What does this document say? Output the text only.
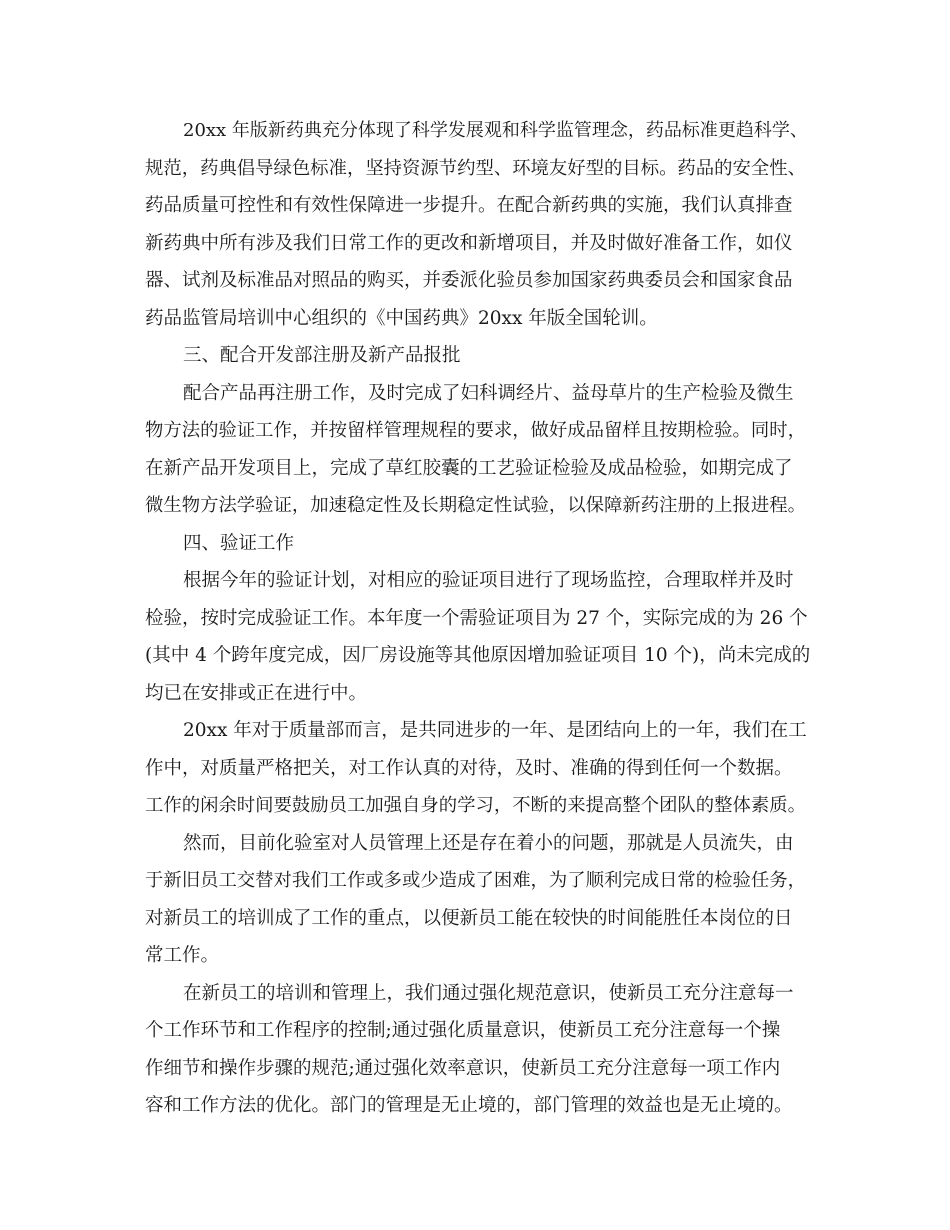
20xx 年版新药典充分体现了科学发展观和科学监管理念，药品标准更趋科学、
规范，药典倡导绿色标准，坚持资源节约型、环境友好型的目标。药品的安全性、
药品质量可控性和有效性保障进一步提升。在配合新药典的实施，我们认真排查
新药典中所有涉及我们日常工作的更改和新增项目，并及时做好准备工作，如仪
器、试剂及标准品对照品的购买，并委派化验员参加国家药典委员会和国家食品
药品监管局培训中心组织的《中国药典》20xx 年版全国轮训。
三、配合开发部注册及新产品报批
配合产品再注册工作，及时完成了妇科调经片、益母草片的生产检验及微生
物方法的验证工作，并按留样管理规程的要求，做好成品留样且按期检验。同时，
在新产品开发项目上，完成了草红胶囊的工艺验证检验及成品检验，如期完成了
微生物方法学验证，加速稳定性及长期稳定性试验，以保障新药注册的上报进程。
四、验证工作
根据今年的验证计划，对相应的验证项目进行了现场监控，合理取样并及时
检验，按时完成验证工作。本年度一个需验证项目为 27 个，实际完成的为 26 个
(其中 4 个跨年度完成，因厂房设施等其他原因增加验证项目 10 个)，尚未完成的
均已在安排或正在进行中。
20xx 年对于质量部而言，是共同进步的一年、是团结向上的一年，我们在工
作中，对质量严格把关，对工作认真的对待，及时、准确的得到任何一个数据。
工作的闲余时间要鼓励员工加强自身的学习，不断的来提高整个团队的整体素质。
然而，目前化验室对人员管理上还是存在着小的问题，那就是人员流失，由
于新旧员工交替对我们工作或多或少造成了困难，为了顺利完成日常的检验任务，
对新员工的培训成了工作的重点，以便新员工能在较快的时间能胜任本岗位的日
常工作。
在新员工的培训和管理上，我们通过强化规范意识，使新员工充分注意每一
个工作环节和工作程序的控制;通过强化质量意识，使新员工充分注意每一个操
作细节和操作步骤的规范;通过强化效率意识，使新员工充分注意每一项工作内
容和工作方法的优化。部门的管理是无止境的，部门管理的效益也是无止境的。
